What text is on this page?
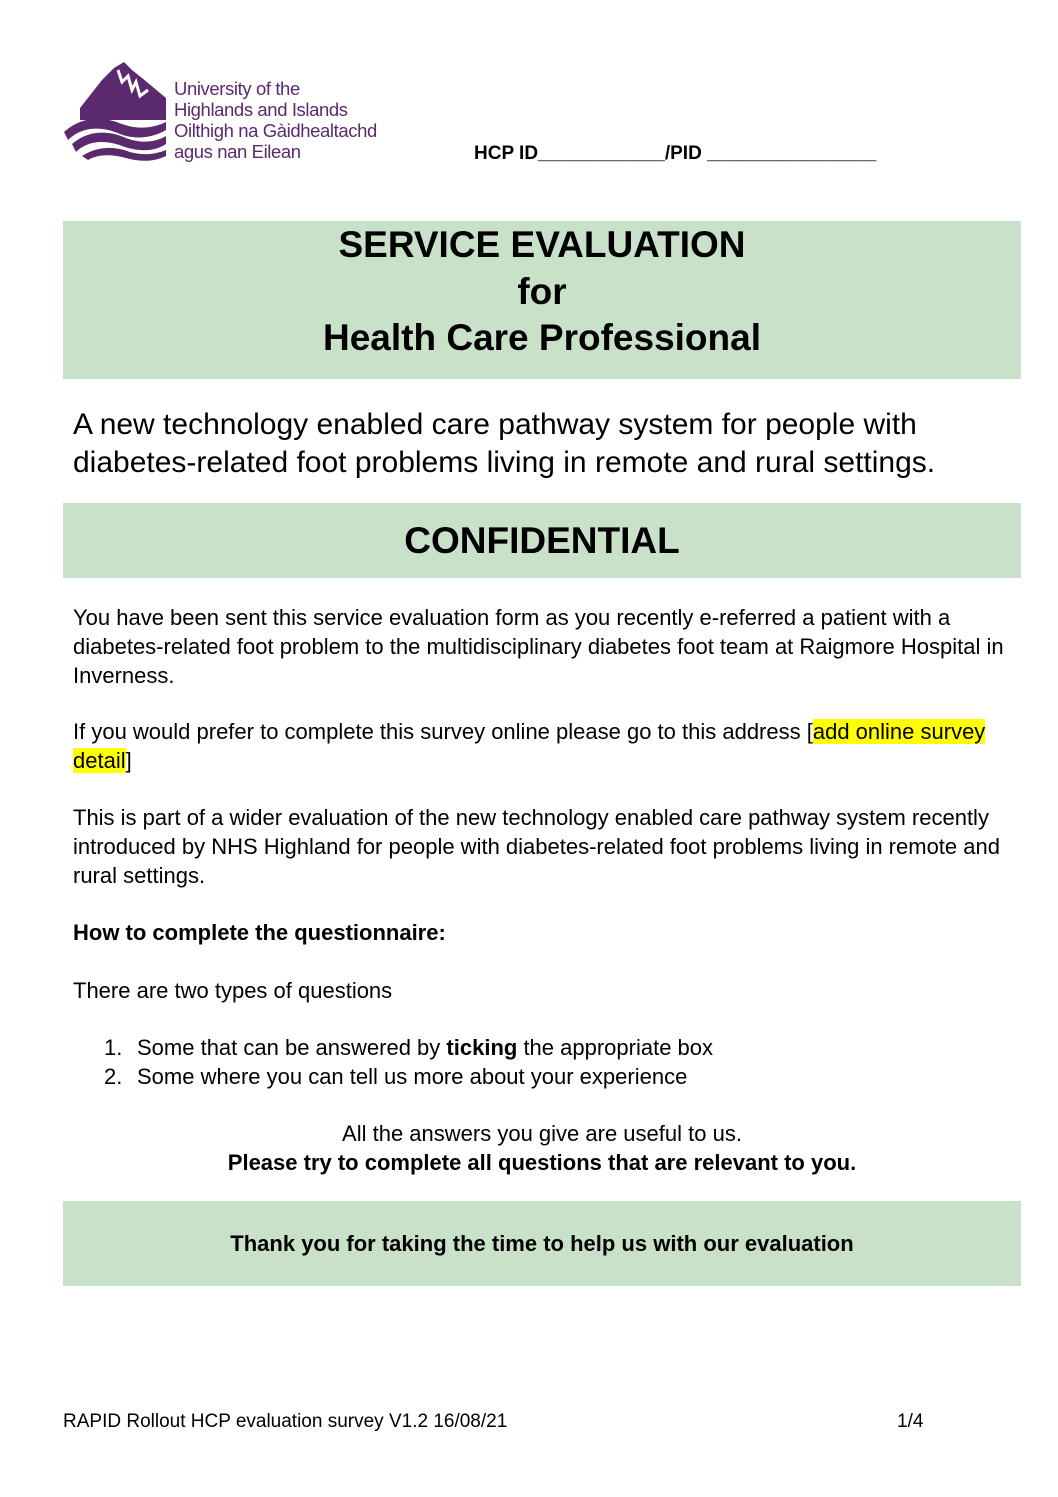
University of the
Highlands and Islands
Oilthigh na Gàidhealtachd
agus nan Eilean	HCP ID____________/PID ________________
SERVICE EVALUATION
for
Health Care Professional
A new technology enabled care pathway system for people with diabetes-related foot problems living in remote and rural settings.
CONFIDENTIAL
You have been sent this service evaluation form as you recently e-referred a patient with a diabetes-related foot problem to the multidisciplinary diabetes foot team at Raigmore Hospital in Inverness.
If you would prefer to complete this survey online please go to this address [add online survey detail]
This is part of a wider evaluation of the new technology enabled care pathway system recently introduced by NHS Highland for people with diabetes-related foot problems living in remote and rural settings.
How to complete the questionnaire:
There are two types of questions
1. Some that can be answered by ticking the appropriate box
2. Some where you can tell us more about your experience
All the answers you give are useful to us.
Please try to complete all questions that are relevant to you.
Thank you for taking the time to help us with our evaluation
RAPID Rollout HCP evaluation survey V1.2 16/08/21	1/4
